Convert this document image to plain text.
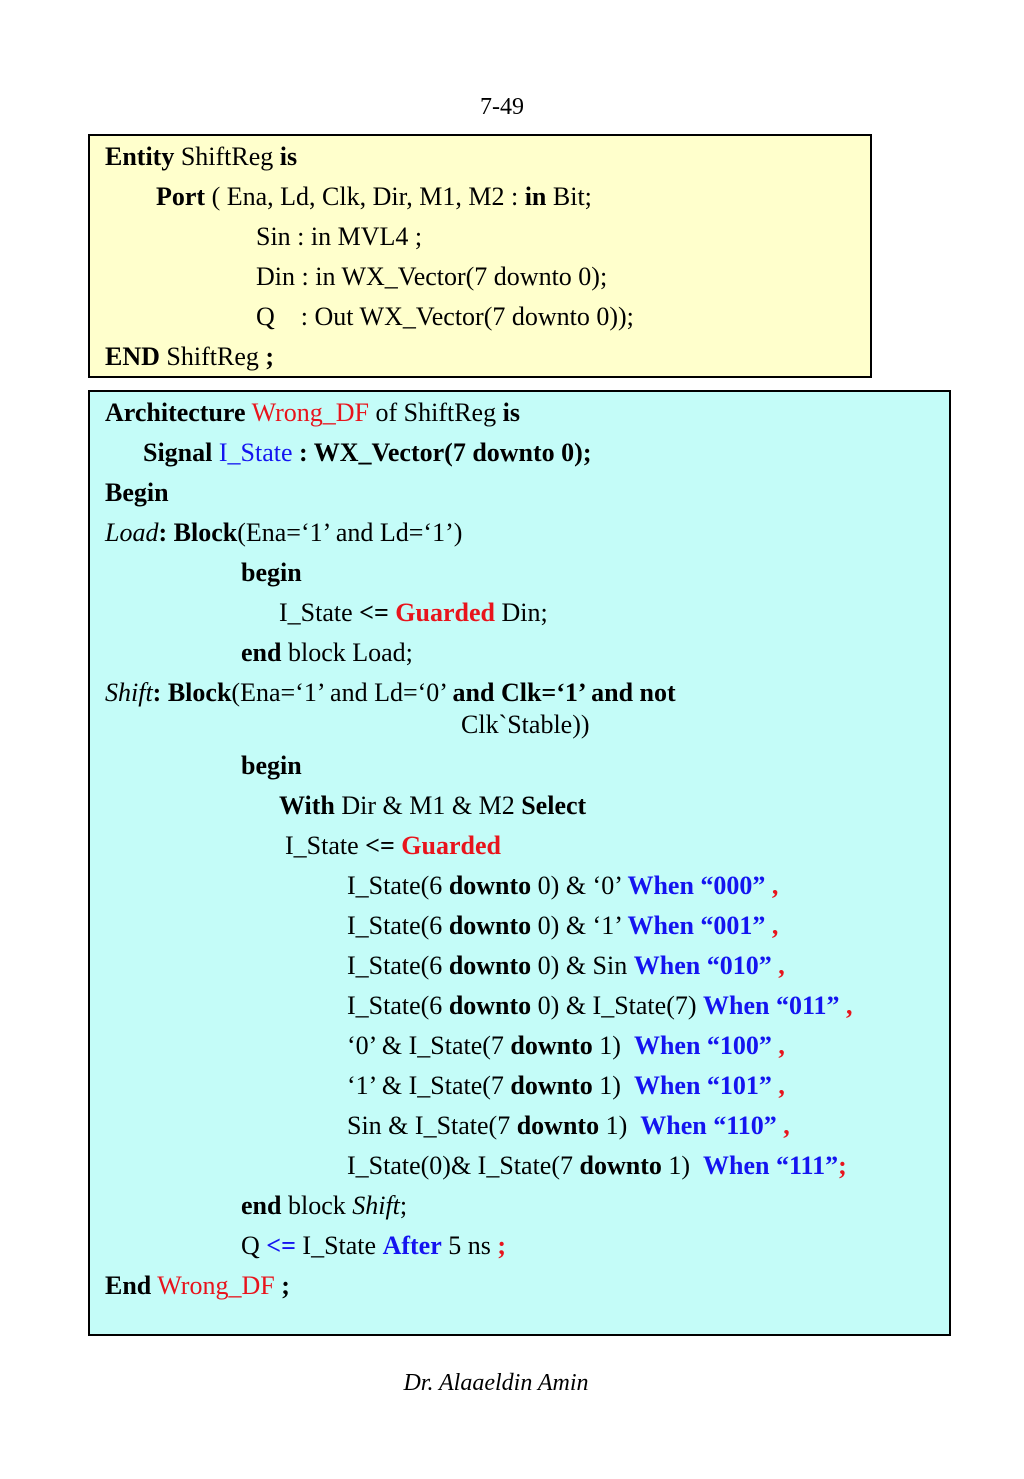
7-49
Entity ShiftReg is
Port ( Ena, Ld, Clk, Dir, M1, M2 : in Bit;
Sin : in MVL4 ;
Din : in WX_Vector(7 downto 0);
Q    : Out WX_Vector(7 downto 0));
END ShiftReg ;
Architecture Wrong_DF of ShiftReg is
Signal I_State : WX_Vector(7 downto 0);
Begin
Load: Block(Ena=‘1’ and Ld=‘1’)
begin
I_State <= Guarded Din;
end block Load;
Shift: Block(Ena=‘1’ and Ld=‘0’ and Clk=‘1’ and not
Clk`Stable))
begin
With Dir & M1 & M2 Select
I_State <= Guarded
I_State(6 downto 0) & ‘0’ When “000” ,
I_State(6 downto 0) & ‘1’ When “001” ,
I_State(6 downto 0) & Sin When “010” ,
I_State(6 downto 0) & I_State(7) When “011” ,
‘0’ & I_State(7 downto 1)  When “100” ,
‘1’ & I_State(7 downto 1)  When “101” ,
Sin & I_State(7 downto 1)  When “110” ,
I_State(0)& I_State(7 downto 1)  When “111”;
end block Shift;
Q <= I_State After 5 ns ;
End Wrong_DF ;
Dr. Alaaeldin Amin
